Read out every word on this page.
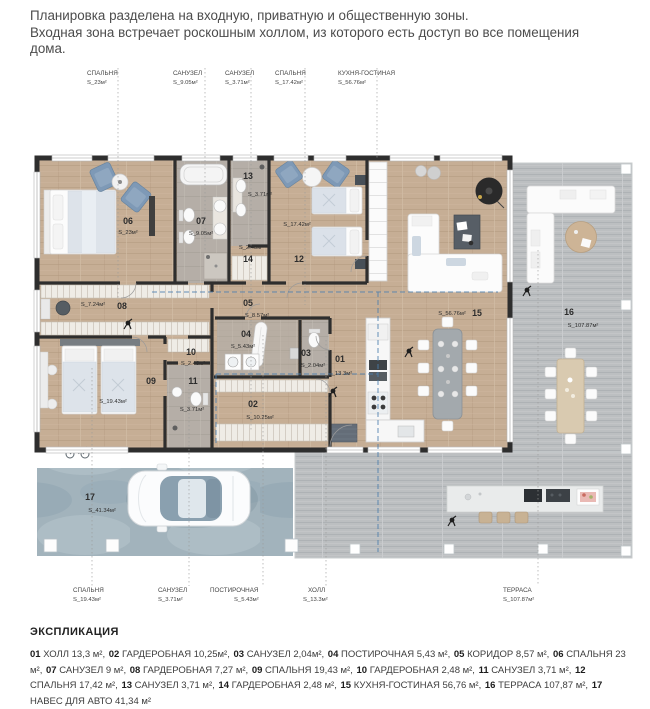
Планировка разделена на входную, приватную и общественную зоны.

Входная зона встречает роскошным холлом, из которого есть доступ во все помещения дома.

01
S_13.3м²
02
S_10.25м²
03
S_2.04м²
04
S_5.43м²
05
S_8.57м²
06
S_23м²
07
S_9.05м²
08
S_7.24м²
09
S_19.43м²
10
S_2.48м²
11
S_3.71м²
12
S_17.42м²
13
S_3.71м²
14
S_2.48м²
15
S_56.76м²	16
S_107.87м²
17
S_41.34м²
СПАЛЬНЯ
S_23м²
САНУЗЕЛ
S_9.05м²
САНУЗЕЛ
S_3.71м²
СПАЛЬНЯ
S_17.42м²
КУХНЯ-ГОСТИНАЯ
S_56.76м²
СПАЛЬНЯ
S_19.43м²
САНУЗЕЛ
S_3.71м²
ПОСТИРОЧНАЯ
S_5.43м²
ХОЛЛ
S_13.3м²
ТЕРРАСА
S_107.87м²

ЭКСПЛИКАЦИЯ

01 ХОЛЛ 13,3 м², 02 ГАРДЕРОБНАЯ 10,25м², 03 САНУЗЕЛ 2,04м², 04 ПОСТИРОЧНАЯ 5,43 м², 05 КОРИДОР 8,57 м², 06 СПАЛЬНЯ 23 м², 07 САНУЗЕЛ 9 м², 08 ГАРДЕРОБНАЯ 7,27 м², 09 СПАЛЬНЯ 19,43 м², 10 ГАРДЕРОБНАЯ 2,48 м², 11 САНУЗЕЛ 3,71 м², 12 СПАЛЬНЯ 17,42 м², 13 САНУЗЕЛ 3,71 м², 14 ГАРДЕРОБНАЯ 2,48 м², 15 КУХНЯ-ГОСТИНАЯ 56,76 м², 16 ТЕРРАСА 107,87 м², 17 НАВЕС ДЛЯ АВТО 41,34 м²
